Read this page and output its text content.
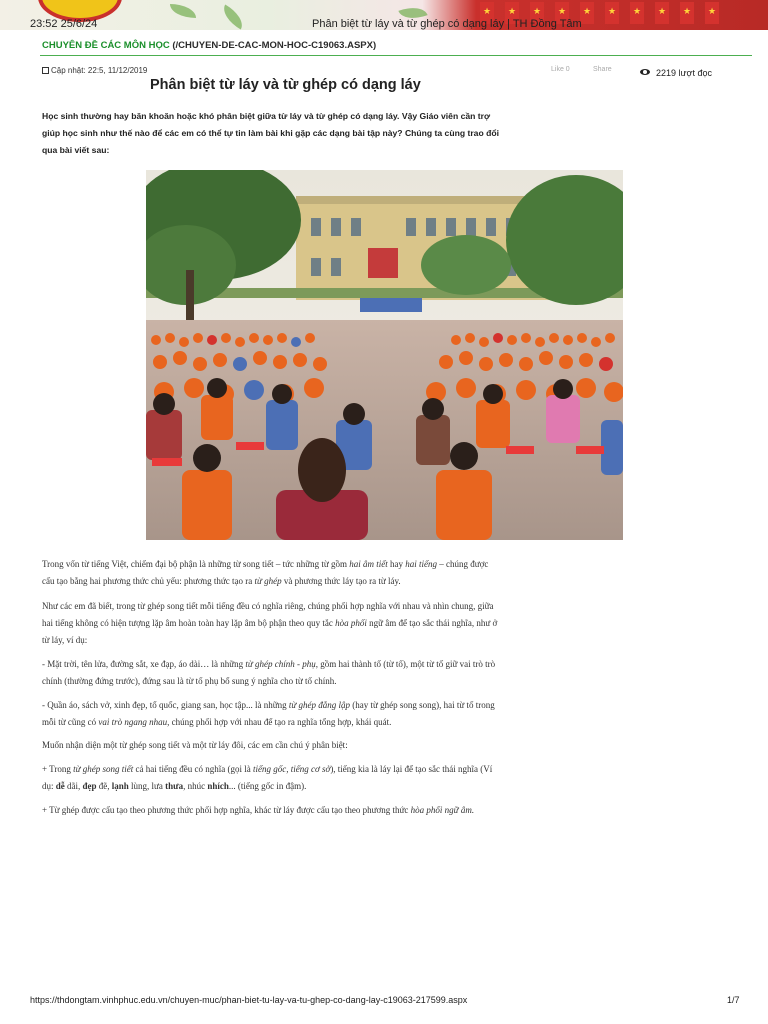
★ ★ ★ ★ ★ ★ ★ ★ ★ ★
23:52 25/6/24	Phân biệt từ láy và từ ghép có dạng láy | TH Đồng Tâm
CHUYÊN ĐỀ CÁC MÔN HỌC (/CHUYEN-DE-CAC-MON-HOC-C19063.ASPX)
Cập nhật: 22:5, 11/12/2019
Phân biệt từ láy và từ ghép có dạng láy
Like 0	Share	2219 lượt đọc
Học sinh thường hay băn khoăn hoặc khó phân biệt giữa từ láy và từ ghép có dạng láy. Vậy Giáo viên cần trợ giúp học sinh như thế nào để các em có thể tự tin làm bài khi gặp các dạng bài tập này? Chúng ta cùng trao đổi qua bài viết sau:
Trong vốn từ tiếng Việt, chiếm đại bộ phận là những từ song tiết – tức những từ gồm hai âm tiết hay hai tiếng – chúng được cấu tạo bằng hai phương thức chủ yếu: phương thức tạo ra từ ghép và phương thức láy tạo ra từ láy.
Như các em đã biết, trong từ ghép song tiết mỗi tiếng đều có nghĩa riêng, chúng phối hợp nghĩa với nhau và nhìn chung, giữa hai tiếng không có hiện tượng lặp âm hoàn toàn hay lặp âm bộ phận theo quy tắc hòa phối ngữ âm để tạo sắc thái nghĩa, như ở từ láy, ví dụ:
- Mặt trời, tên lửa, đường sắt, xe đạp, áo dài… là những từ ghép chính - phụ, gồm hai thành tố (từ tố), một từ tố giữ vai trò trò chính (thường đứng trước), đứng sau là từ tố phụ bổ sung ý nghĩa cho từ tố chính.
- Quần áo, sách vở, xinh đẹp, tổ quốc, giang san, học tập... là những từ ghép đẳng lập (hay từ ghép song song), hai từ tố trong mỗi từ cũng có vai trò ngang nhau, chúng phối hợp với nhau để tạo ra nghĩa tổng hợp, khái quát.
Muốn nhận diện một từ ghép song tiết và một từ láy đôi, các em cần chú ý phân biệt:
+ Trong từ ghép song tiết cả hai tiếng đều có nghĩa (gọi là tiếng gốc, tiếng cơ sở), tiếng kia là láy lại để tạo sắc thái nghĩa (Ví dụ: dễ dãi, đẹp đẽ, lạnh lùng, lưa thưa, nhúc nhích... (tiếng gốc in đậm).
+ Từ ghép được cấu tạo theo phương thức phối hợp nghĩa, khác từ láy được cấu tạo theo phương thức hòa phối ngữ âm.
https://thdongtam.vinhphuc.edu.vn/chuyen-muc/phan-biet-tu-lay-va-tu-ghep-co-dang-lay-c19063-217599.aspx	1/7
